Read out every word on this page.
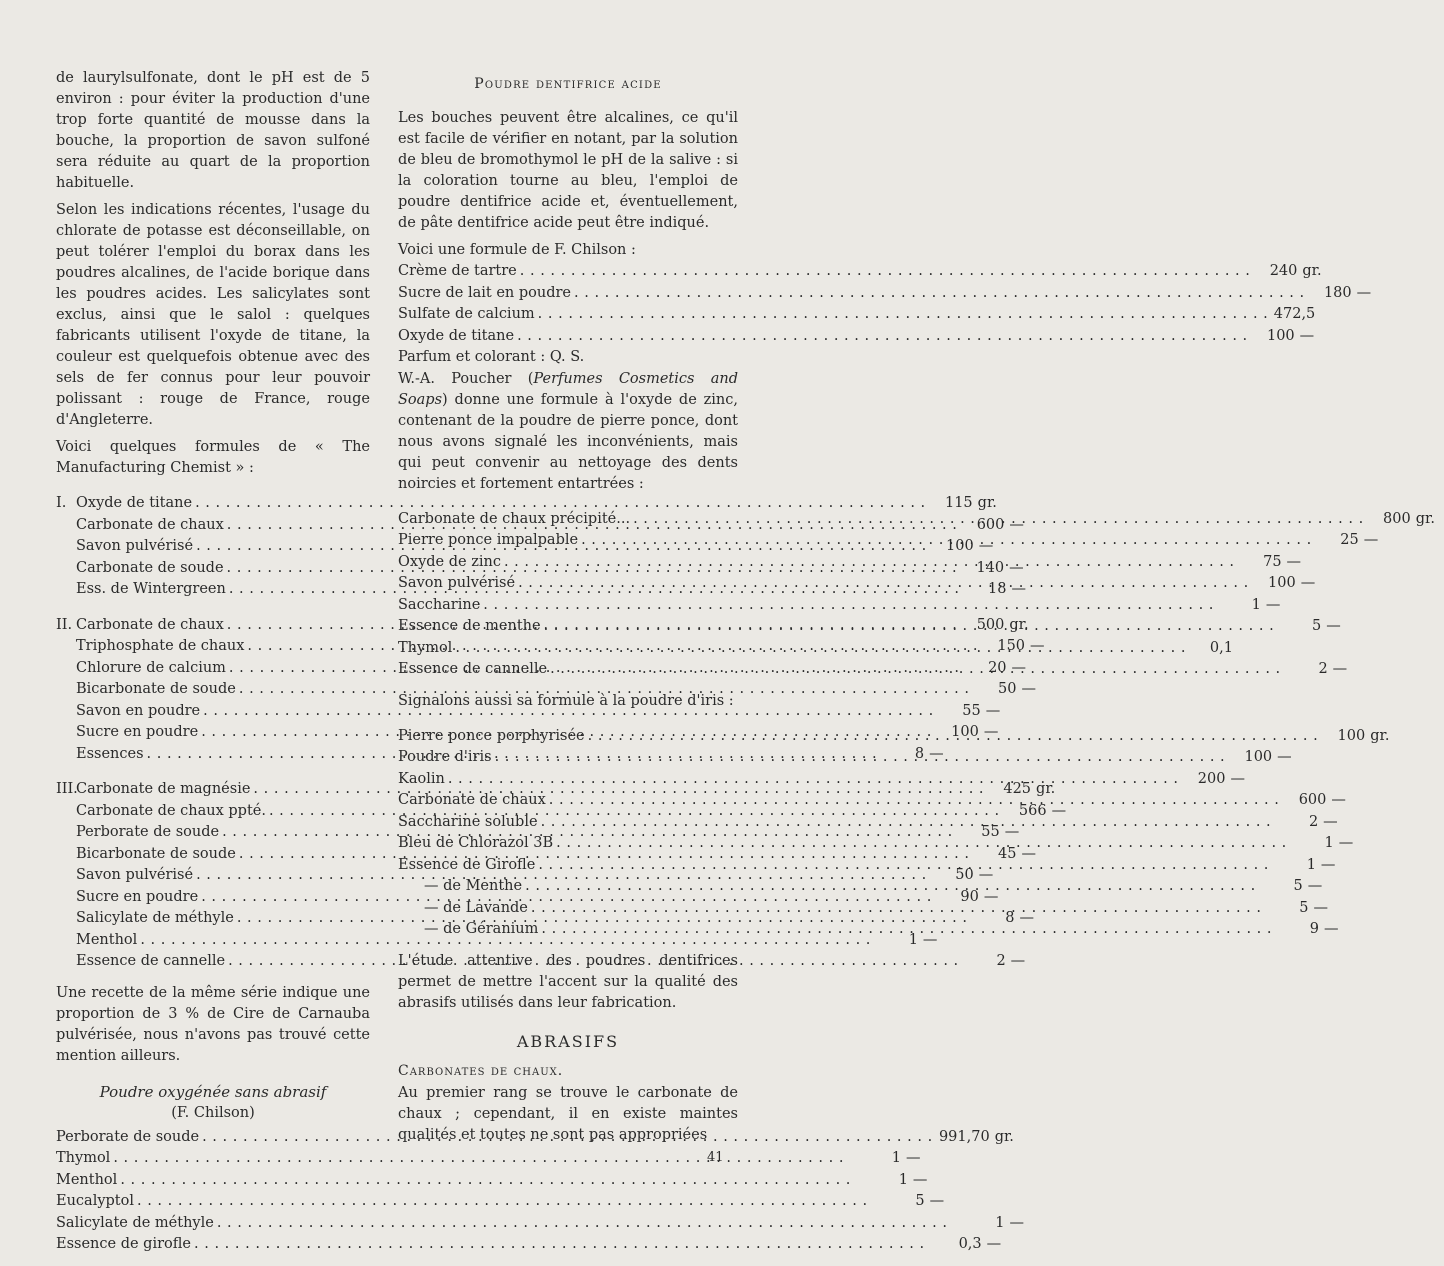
de laurylsulfonate, dont le pH est de 5 environ : pour éviter la production d'une trop forte quantité de mousse dans la bouche, la proportion de savon sulfoné sera réduite au quart de la proportion habituelle.

Selon les indications récentes, l'usage du chlorate de potasse est déconseillable, on peut tolérer l'emploi du borax dans les poudres alcalines, de l'acide borique dans les poudres acides. Les salicylates sont exclus, ainsi que le salol : quelques fabricants utilisent l'oxyde de titane, la couleur est quelquefois obtenue avec des sels de fer connus pour leur pouvoir polissant : rouge de France, rouge d'Angleterre.

Voici quelques formules de « The Manufacturing Chemist » :

I. Oxyde de titane . . .	115 gr.
Carbonate de chaux . . .	600 —
Savon pulvérisé . . .	100 —
Carbonate de soude . . .	140 —
Ess. de Wintergreen . . .	18 —
II. Carbonate de chaux . . .	500 gr.
Triphosphate de chaux . . .	150 —
Chlorure de calcium . . .	20 —
Bicarbonate de soude . . .	50 —
Savon en poudre . . .	55 —
Sucre en poudre . . .	100 —
Essences . . .	8 —
III.
Carbonate de magnésie . . .	425 gr.
Carbonate de chaux ppté. . . .	566 —
Perborate de soude . . .	55 —
Bicarbonate de soude . . .	45 —
Savon pulvérisé . . .	50 —
Sucre en poudre . . .	90 —
Salicylate de méthyle . . .	8 —
Menthol . . .	1 —
Essence de cannelle . . .	2 —

Une recette de la même série indique une proportion de 3 % de Cire de Carnauba pulvérisée, nous n'avons pas trouvé cette mention ailleurs.

Poudre oxygénée sans abrasif
(F. Chilson)
Perborate de soude . . .	991,70 gr.
Thymol . . .	1 —
Menthol . . .	1 —
Eucalyptol . . .	5 —
Salicylate de méthyle . . .	1 —
Essence de girofle . . .	0,3 —
Poudre dentifrice acide

Les bouches peuvent être alcalines, ce qu'il est facile de vérifier en notant, par la solution de bleu de bromothymol le pH de la salive : si la coloration tourne au bleu, l'emploi de poudre dentifrice acide et, éventuellement, de pâte dentifrice acide peut être indiqué.

Voici une formule de F. Chilson :

Crème de tartre . . .	240 gr.
Sucre de lait en poudre . . .	180 —
Sulfate de calcium . . .	472,5
Oxyde de titane . . .	100 —
Parfum et colorant : Q. S.

W.-A. Poucher (Perfumes Cosmetics and Soaps) donne une formule à l'oxyde de zinc, contenant de la poudre de pierre ponce, dont nous avons signalé les inconvénients, mais qui peut convenir au nettoyage des dents noircies et fortement entartrées :

Carbonate de chaux précipité... . . .	800 gr.
Pierre ponce impalpable . . .	25 —
Oxyde de zinc . . .	75 —
Savon pulvérisé . . .	100 —
Saccharine . . .	1 —
Essence de menthe . . .	5 —
Thymol . . .	0,1
Essence de cannelle . . .	2 —

Signalons aussi sa formule à la poudre d'iris :

Pierre ponce porphyrisée . . .	100 gr.
Poudre d'iris . . .	100 —
Kaolin . . .	200 —
Carbonate de chaux . . .	600 —
Saccharine soluble . . .	2 —
Bleu de Chlorazol 3B . . .	1 —
Essence de Girofle . . .	1 —
— de Menthe . . .	5 —
— de Lavande . . .	5 —
— de Géranium . . .	9 —

L'étude attentive des poudres dentifrices permet de mettre l'accent sur la qualité des abrasifs utilisés dans leur fabrication.

ABRASIFS
Carbonates de chaux.

Au premier rang se trouve le carbonate de chaux ; cependant, il en existe maintes qualités et toutes ne sont pas appropriées

41
